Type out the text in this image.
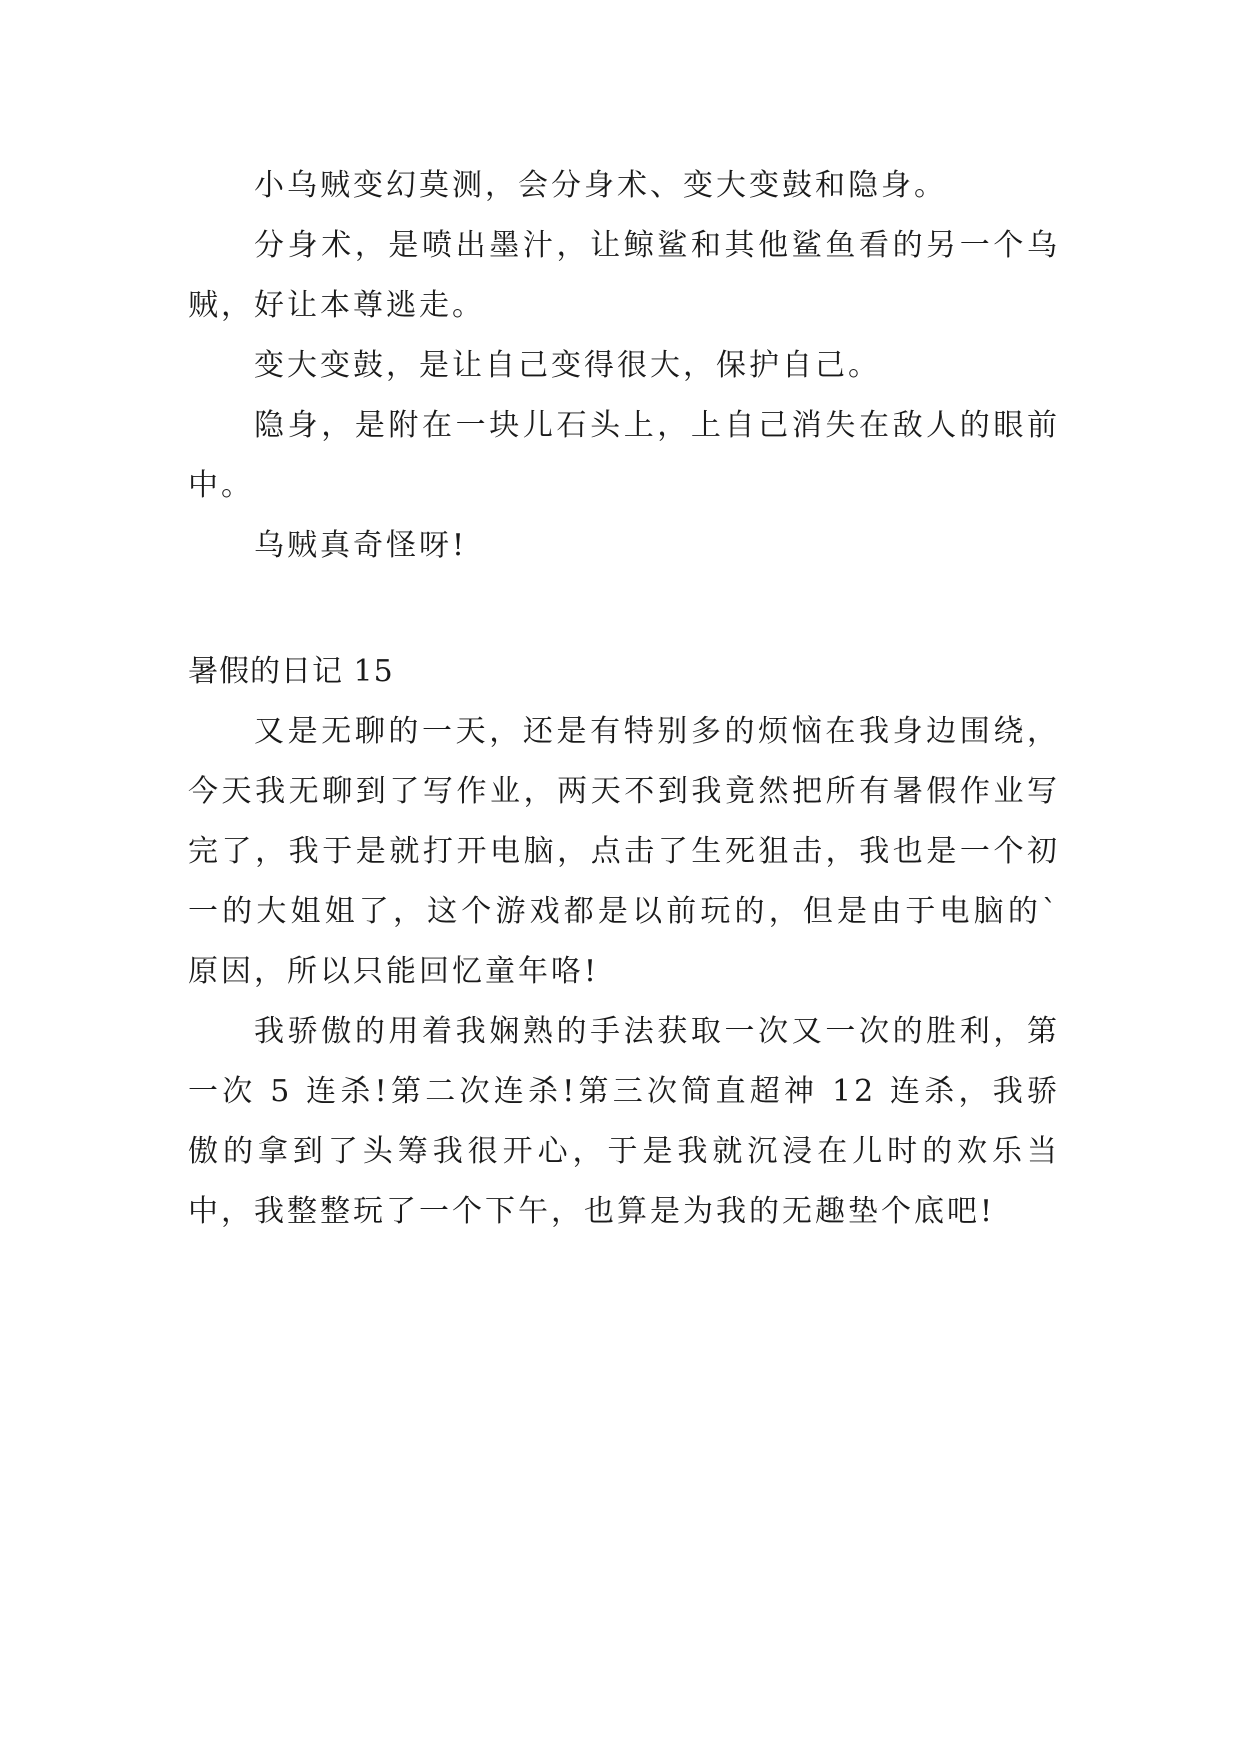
小乌贼变幻莫测，会分身术、变大变鼓和隐身。

分身术，是喷出墨汁，让鲸鲨和其他鲨鱼看的另一个乌贼，好让本尊逃走。

变大变鼓，是让自己变得很大，保护自己。

隐身，是附在一块儿石头上，上自己消失在敌人的眼前中。

乌贼真奇怪呀!

暑假的日记 15

又是无聊的一天，还是有特别多的烦恼在我身边围绕，今天我无聊到了写作业，两天不到我竟然把所有暑假作业写完了，我于是就打开电脑，点击了生死狙击，我也是一个初一的大姐姐了，这个游戏都是以前玩的，但是由于电脑的`原因，所以只能回忆童年咯!

我骄傲的用着我娴熟的手法获取一次又一次的胜利，第一次 5 连杀!第二次连杀!第三次简直超神 12 连杀，我骄傲的拿到了头筹我很开心，于是我就沉浸在儿时的欢乐当中，我整整玩了一个下午，也算是为我的无趣垫个底吧!
